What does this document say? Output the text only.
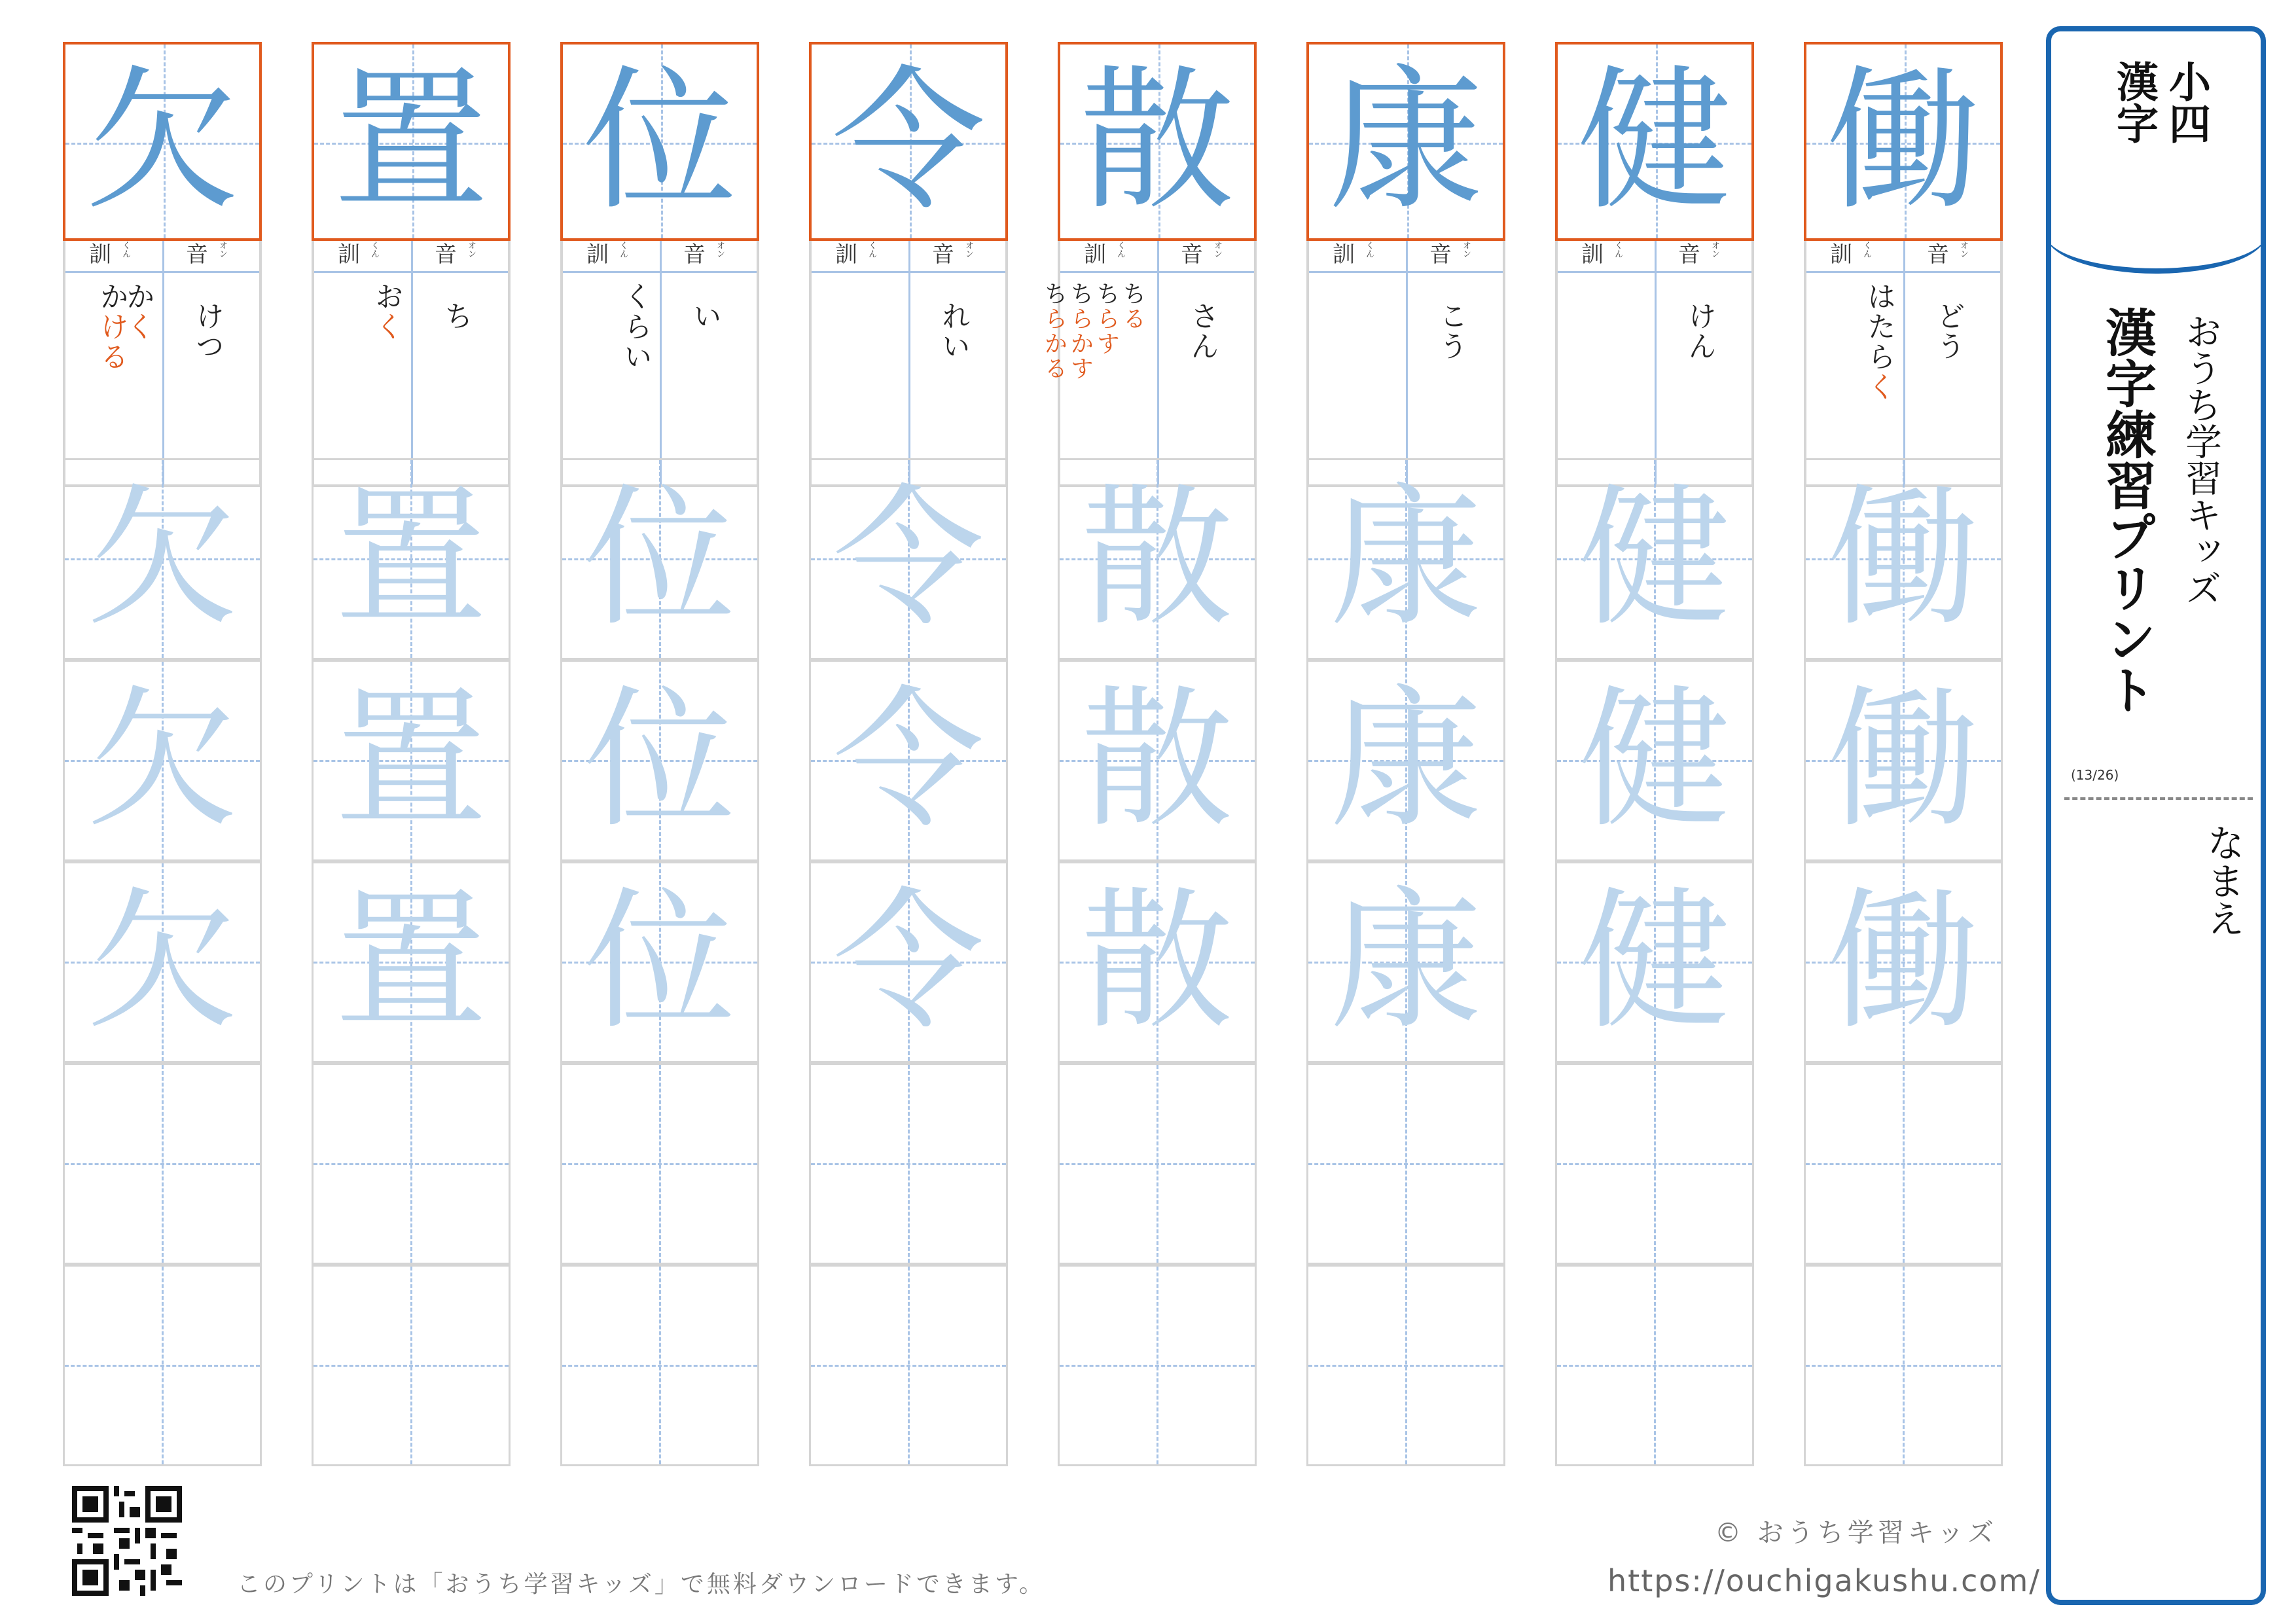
欠
訓 くん	音 オン
けつ
かく
かける
欠
欠
欠
置
訓 くん	音 オン
ち
おく
置
置
置
位
訓 くん	音 オン
い
くらい
位
位
位
令
訓 くん	音 オン
れい
令
令
令
散
訓 くん	音 オン
さん
ちる
ちらす
ちらかす
ちらかる
散
散
散
康
訓 くん	音 オン
こう
康
康
康
健
訓 くん	音 オン
けん
健
健
健
働
訓 くん	音 オン
どう
はたらく
働
働
働
小四
漢字
漢字練習プリント おうち学習キッズ
(13/26)
なまえ
このプリントは「おうち学習キッズ」で無料ダウンロードできます。
© おうち学習キッズ
https://ouchigakushu.com/
